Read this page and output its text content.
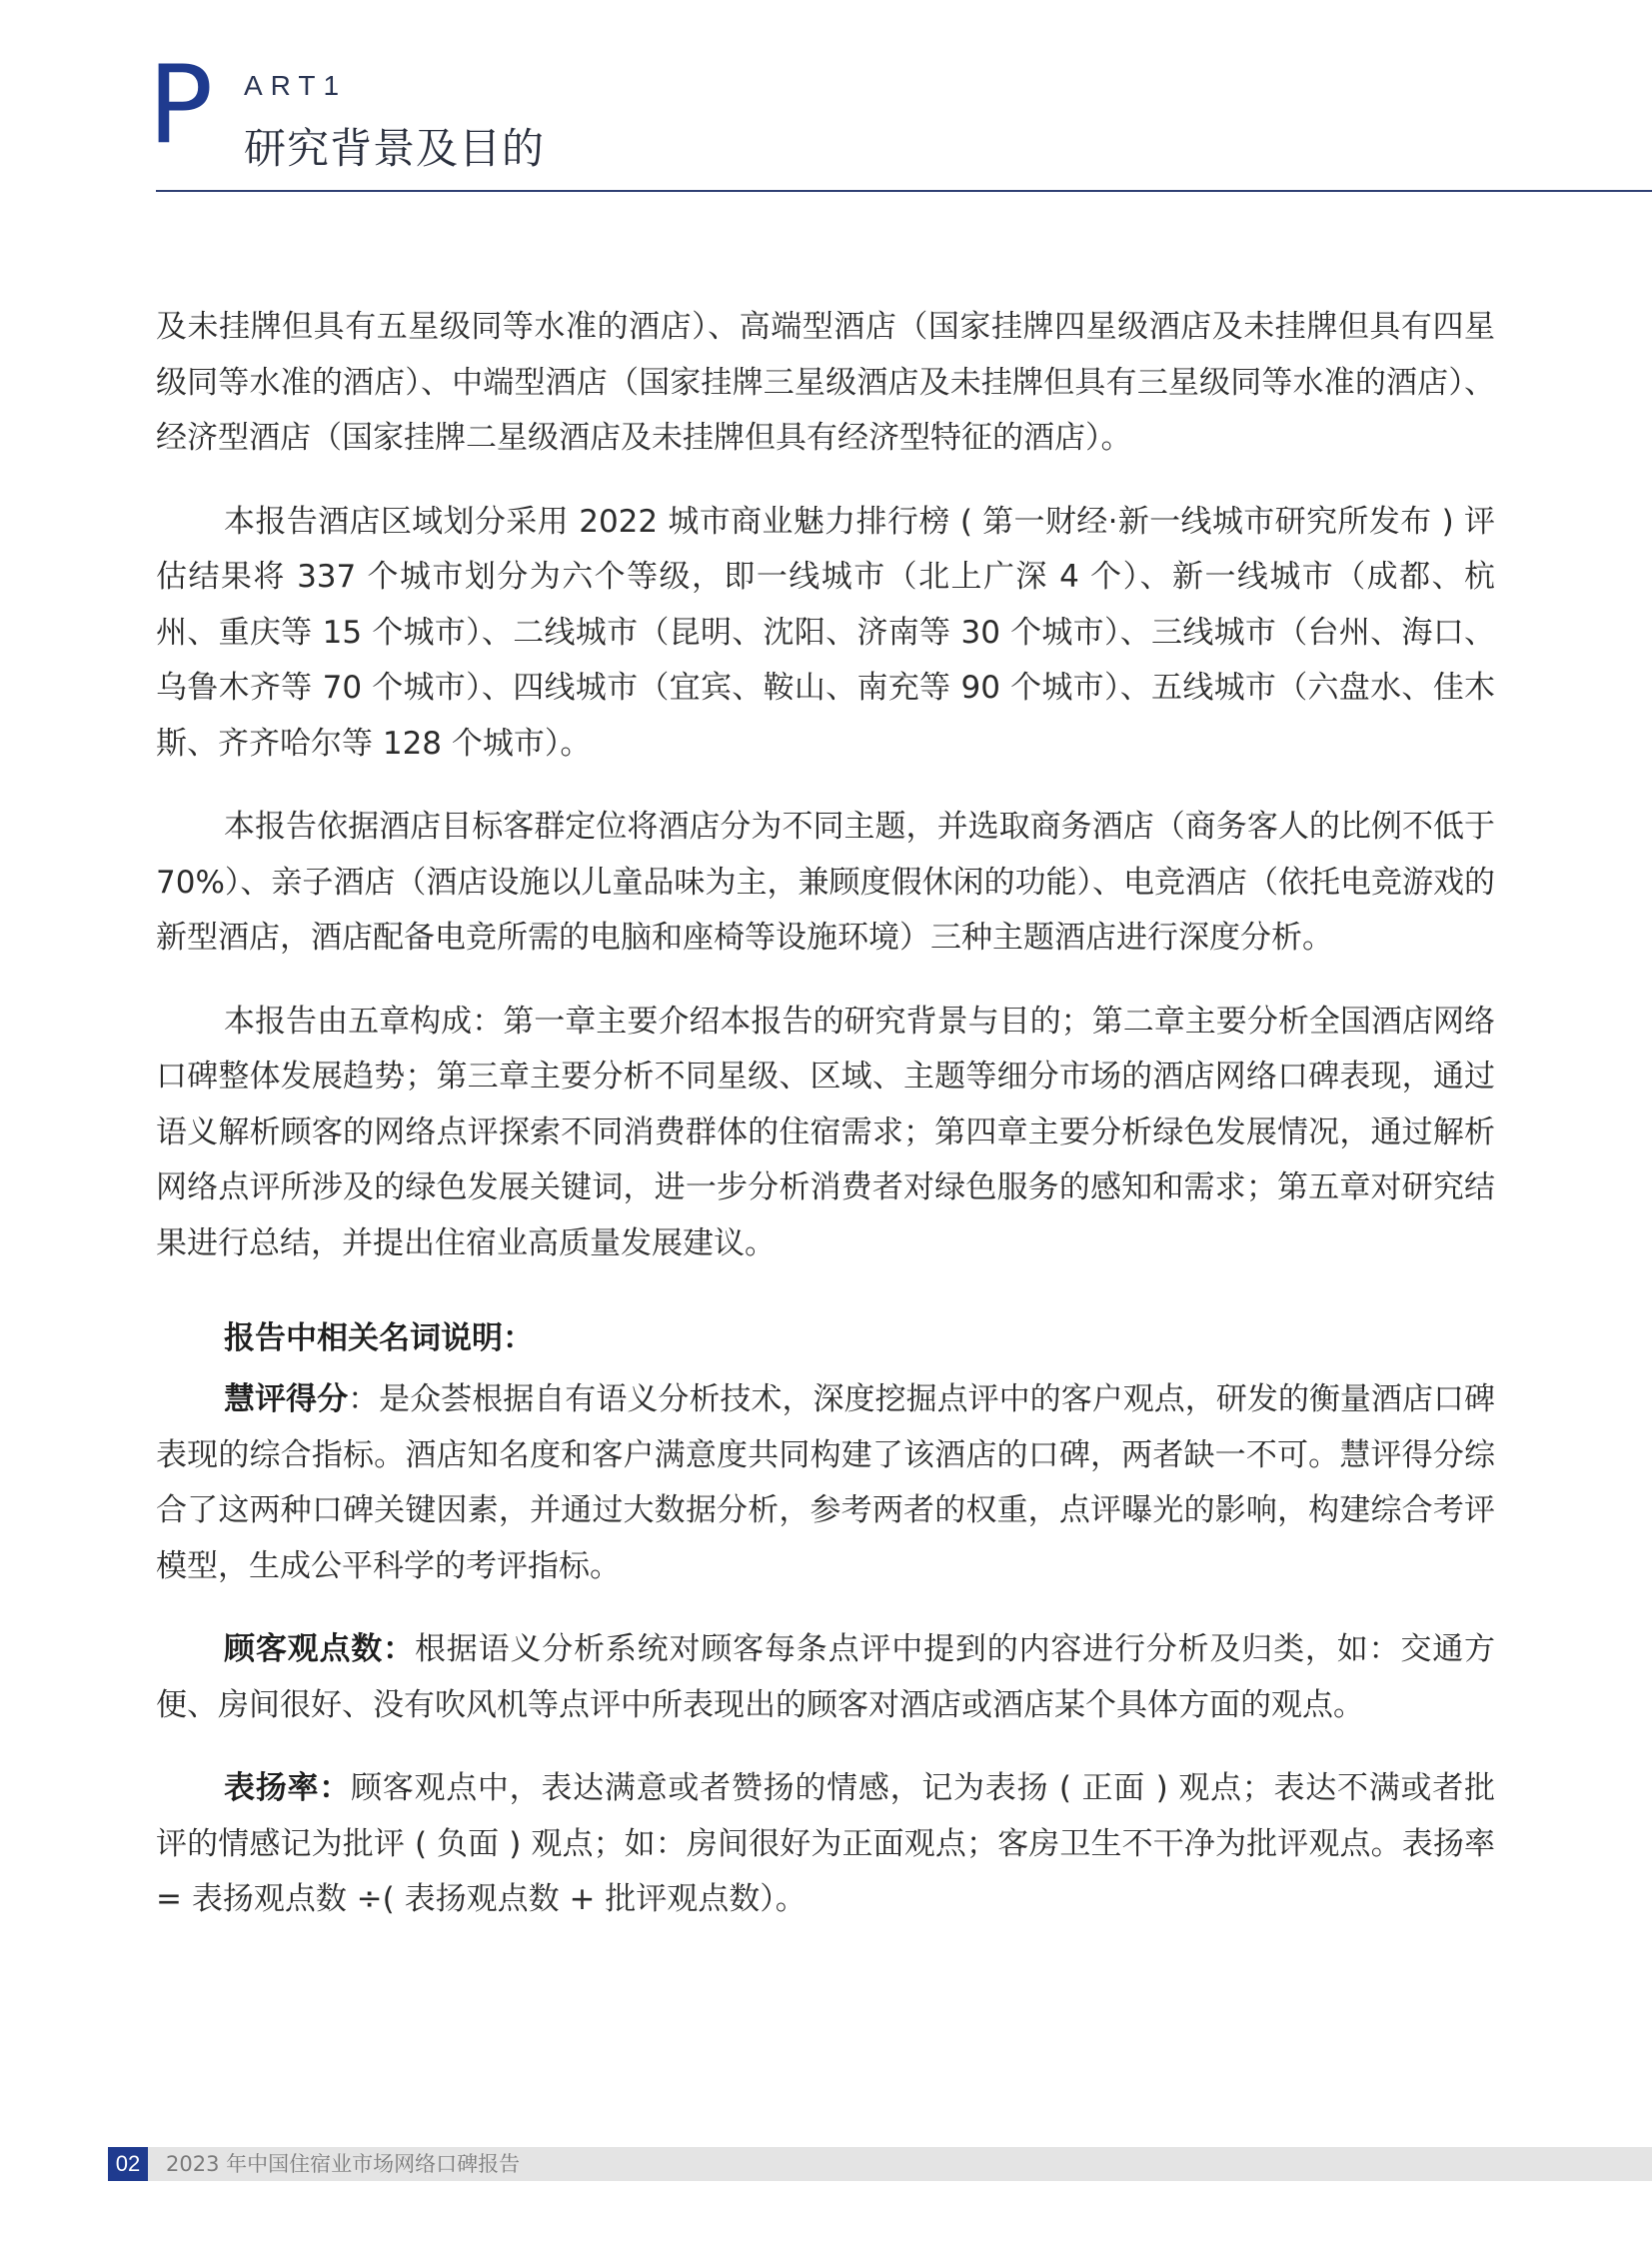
P ART1
研究背景及目的

及未挂牌但具有五星级同等水准的酒店）、高端型酒店（国家挂牌四星级酒店及未挂牌但具有四星级同等水准的酒店）、中端型酒店（国家挂牌三星级酒店及未挂牌但具有三星级同等水准的酒店）、经济型酒店（国家挂牌二星级酒店及未挂牌但具有经济型特征的酒店）。

本报告酒店区域划分采用 2022 城市商业魅力排行榜 ( 第一财经·新一线城市研究所发布 ) 评估结果将 337 个城市划分为六个等级，即一线城市（北上广深 4 个）、新一线城市（成都、杭州、重庆等 15 个城市）、二线城市（昆明、沈阳、济南等 30 个城市）、三线城市（台州、海口、乌鲁木齐等 70 个城市）、四线城市（宜宾、鞍山、南充等 90 个城市）、五线城市（六盘水、佳木斯、齐齐哈尔等 128 个城市）。

本报告依据酒店目标客群定位将酒店分为不同主题，并选取商务酒店（商务客人的比例不低于 70%）、亲子酒店（酒店设施以儿童品味为主，兼顾度假休闲的功能）、电竞酒店（依托电竞游戏的新型酒店，酒店配备电竞所需的电脑和座椅等设施环境）三种主题酒店进行深度分析。

本报告由五章构成：第一章主要介绍本报告的研究背景与目的；第二章主要分析全国酒店网络口碑整体发展趋势；第三章主要分析不同星级、区域、主题等细分市场的酒店网络口碑表现，通过语义解析顾客的网络点评探索不同消费群体的住宿需求；第四章主要分析绿色发展情况，通过解析网络点评所涉及的绿色发展关键词，进一步分析消费者对绿色服务的感知和需求；第五章对研究结果进行总结，并提出住宿业高质量发展建议。

报告中相关名词说明：

慧评得分：是众荟根据自有语义分析技术，深度挖掘点评中的客户观点，研发的衡量酒店口碑表现的综合指标。酒店知名度和客户满意度共同构建了该酒店的口碑，两者缺一不可。慧评得分综合了这两种口碑关键因素，并通过大数据分析，参考两者的权重，点评曝光的影响，构建综合考评模型，生成公平科学的考评指标。

顾客观点数：根据语义分析系统对顾客每条点评中提到的内容进行分析及归类，如：交通方便、房间很好、没有吹风机等点评中所表现出的顾客对酒店或酒店某个具体方面的观点。

表扬率：顾客观点中，表达满意或者赞扬的情感，记为表扬 ( 正面 ) 观点；表达不满或者批评的情感记为批评 ( 负面 ) 观点；如：房间很好为正面观点；客房卫生不干净为批评观点。表扬率 = 表扬观点数 ÷( 表扬观点数 + 批评观点数）。

02	2023 年中国住宿业市场网络口碑报告
